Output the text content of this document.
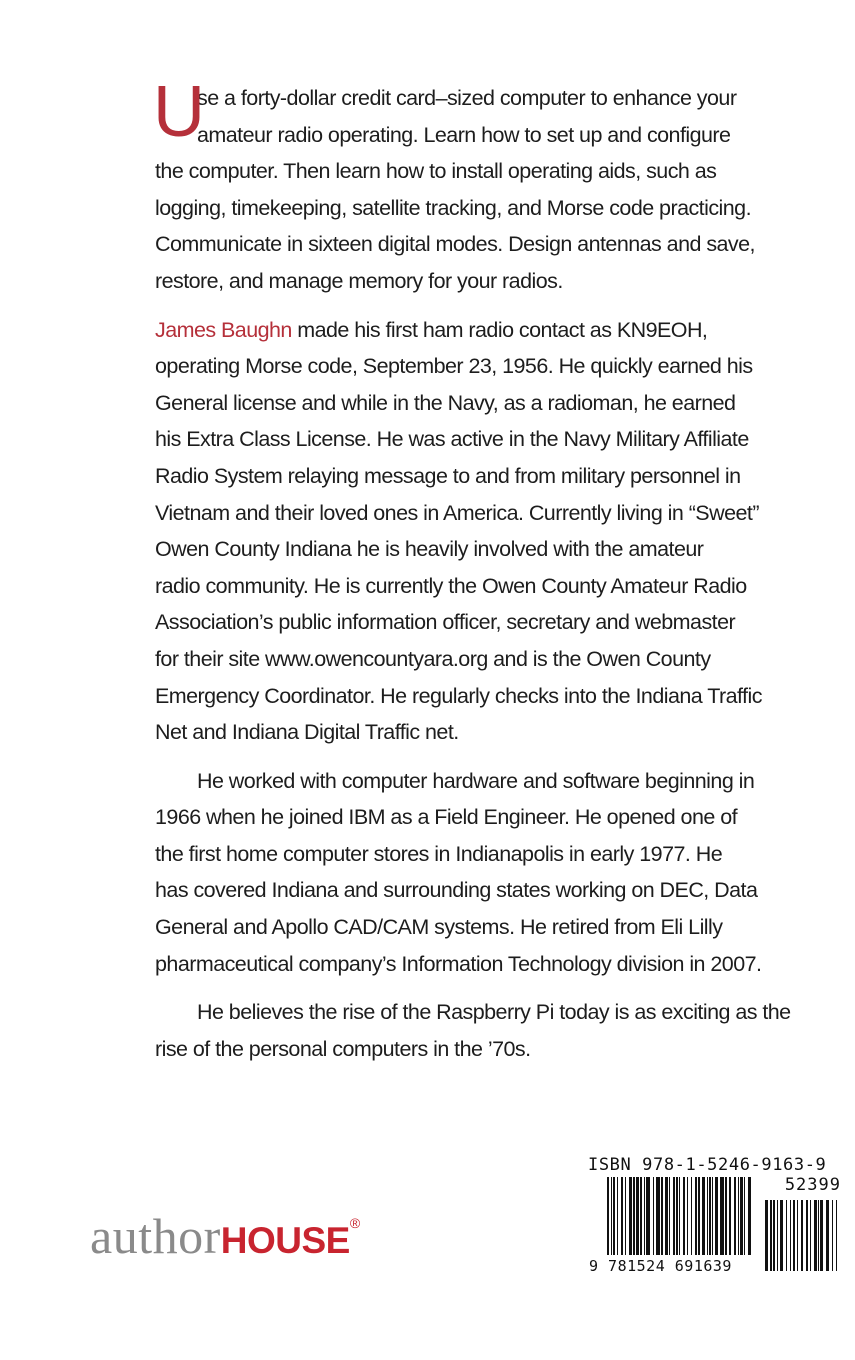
U
se a forty-dollar credit card–sized computer to enhance your
amateur radio operating. Learn how to set up and configure
the computer. Then learn how to install operating aids, such as
logging, timekeeping, satellite tracking, and Morse code practicing.
Communicate in sixteen digital modes. Design antennas and save,
restore, and manage memory for your radios.
James Baughn made his first ham radio contact as KN9EOH,
operating Morse code, September 23, 1956. He quickly earned his
General license and while in the Navy, as a radioman, he earned
his Extra Class License. He was active in the Navy Military Affiliate
Radio System relaying message to and from military personnel in
Vietnam and their loved ones in America. Currently living in “Sweet”
Owen County Indiana he is heavily involved with the amateur
radio community. He is currently the Owen County Amateur Radio
Association’s public information officer, secretary and webmaster
for their site www.owencountyara.org and is the Owen County
Emergency Coordinator. He regularly checks into the Indiana Traffic
Net and Indiana Digital Traffic net.
He worked with computer hardware and software beginning in
1966 when he joined IBM as a Field Engineer. He opened one of
the first home computer stores in Indianapolis in early 1977. He
has covered Indiana and surrounding states working on DEC, Data
General and Apollo CAD/CAM systems. He retired from Eli Lilly
pharmaceutical company’s Information Technology division in 2007.
He believes the rise of the Raspberry Pi today is as exciting as the
rise of the personal computers in the ’70s.
authorHOUSE®
ISBN 978-1-5246-9163-9
52399
9 781524 691639
